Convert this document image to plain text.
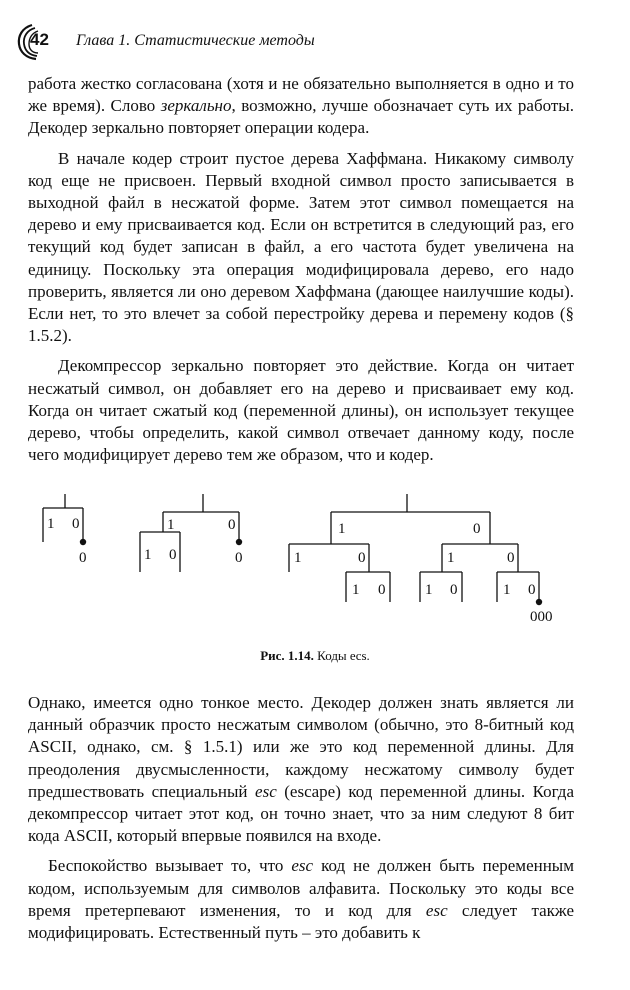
42 Глава 1. Статистические методы

работа жестко согласована (хотя и не обязательно выполняется в одно и то же время). Слово зеркально, возможно, лучше обозначает суть их работы. Декодер зеркально повторяет операции кодера.

В начале кодер строит пустое дерева Хаффмана. Никакому символу код еще не присвоен. Первый входной символ просто записывается в выходной файл в несжатой форме. Затем этот символ помещается на дерево и ему присваивается код. Если он встретится в следующий раз, его текущий код будет записан в файл, а его частота будет увеличена на единицу. Поскольку эта операция модифицировала дерево, его надо проверить, является ли оно деревом Хаффмана (дающее наилучшие коды). Если нет, то это влечет за собой перестройку дерева и перемену кодов (§ 1.5.2).

Декомпрессор зеркально повторяет это действие. Когда он читает несжатый символ, он добавляет его на дерево и присваивает ему код. Когда он читает сжатый код (переменной длины), он использует текущее дерево, чтобы определить, какой символ отвечает данному коду, после чего модифицирует дерево тем же образом, что и кодер.

1 0
0
1	0
1 0	0
1	0
1	0	1	0
1 0	1 0	1 0
000
Рис. 1.14. Коды ecs.

Однако, имеется одно тонкое место. Декодер должен знать является ли данный образчик просто несжатым символом (обычно, это 8-битный код ASCII, однако, см. § 1.5.1) или же это код переменной длины. Для преодоления двусмысленности, каждому несжатому символу будет предшествовать специальный esc (escape) код переменной длины. Когда декомпрессор читает этот код, он точно знает, что за ним следуют 8 бит кода ASCII, который впервые появился на входе.

Беспокойство вызывает то, что esc код не должен быть переменным кодом, используемым для символов алфавита. Поскольку это коды все время претерпевают изменения, то и код для esc следует также модифицировать. Естественный путь – это добавить к
